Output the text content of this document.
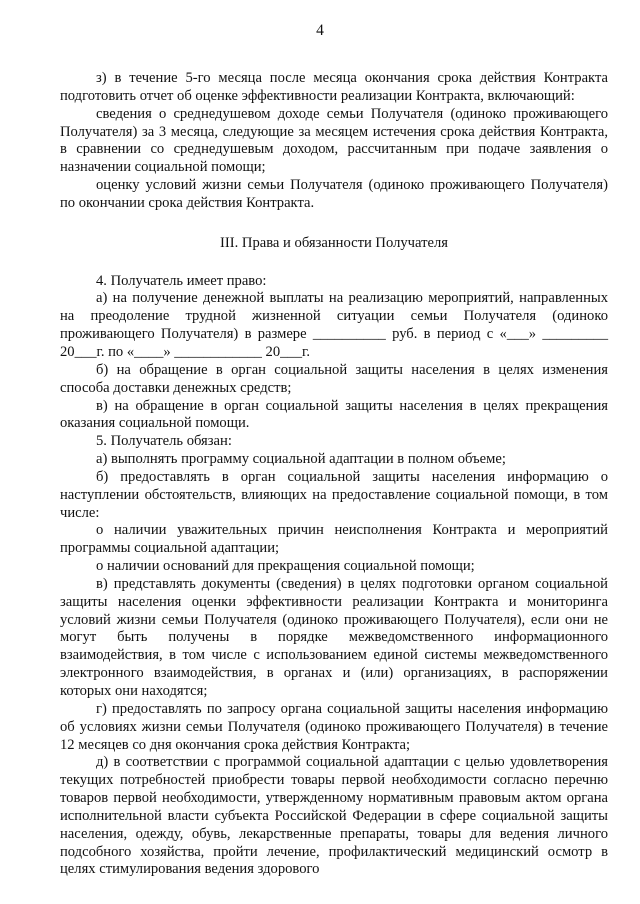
4

з) в течение 5-го месяца после месяца окончания срока действия Контракта подготовить отчет об оценке эффективности реализации Контракта, включающий:

сведения о среднедушевом доходе семьи Получателя (одиноко проживающего Получателя) за 3 месяца, следующие за месяцем истечения срока действия Контракта, в сравнении со среднедушевым доходом, рассчитанным при подаче заявления о назначении социальной помощи;

оценку условий жизни семьи Получателя (одиноко проживающего Получателя) по окончании срока действия Контракта.

III. Права и обязанности Получателя

4. Получатель имеет право:

а) на получение денежной выплаты на реализацию мероприятий, направленных на преодоление трудной жизненной ситуации семьи Получателя (одиноко проживающего Получателя) в размере __________ руб. в период с «___» _________ 20___г. по «____» ____________ 20___г.

б) на обращение в орган социальной защиты населения в целях изменения способа доставки денежных средств;

в) на обращение в орган социальной защиты населения в целях прекращения оказания социальной помощи.

5. Получатель обязан:

а) выполнять программу социальной адаптации в полном объеме;

б) предоставлять в орган социальной защиты населения информацию о наступлении обстоятельств, влияющих на предоставление социальной помощи, в том числе:

о наличии уважительных причин неисполнения Контракта и мероприятий программы социальной адаптации;

о наличии оснований для прекращения социальной помощи;

в) представлять документы (сведения) в целях подготовки органом социальной защиты населения оценки эффективности реализации Контракта и мониторинга условий жизни семьи Получателя (одиноко проживающего Получателя), если они не могут быть получены в порядке межведомственного информационного взаимодействия, в том числе с использованием единой системы межведомственного электронного взаимодействия, в органах и (или) организациях, в распоряжении которых они находятся;

г) предоставлять по запросу органа социальной защиты населения информацию об условиях жизни семьи Получателя (одиноко проживающего Получателя) в течение 12 месяцев со дня окончания срока действия Контракта;

д) в соответствии с программой социальной адаптации с целью удовлетворения текущих потребностей приобрести товары первой необходимости согласно перечню товаров первой необходимости, утвержденному нормативным правовым актом органа исполнительной власти субъекта Российской Федерации в сфере социальной защиты населения, одежду, обувь, лекарственные препараты, товары для ведения личного подсобного хозяйства, пройти лечение, профилактический медицинский осмотр в целях стимулирования ведения здорового
